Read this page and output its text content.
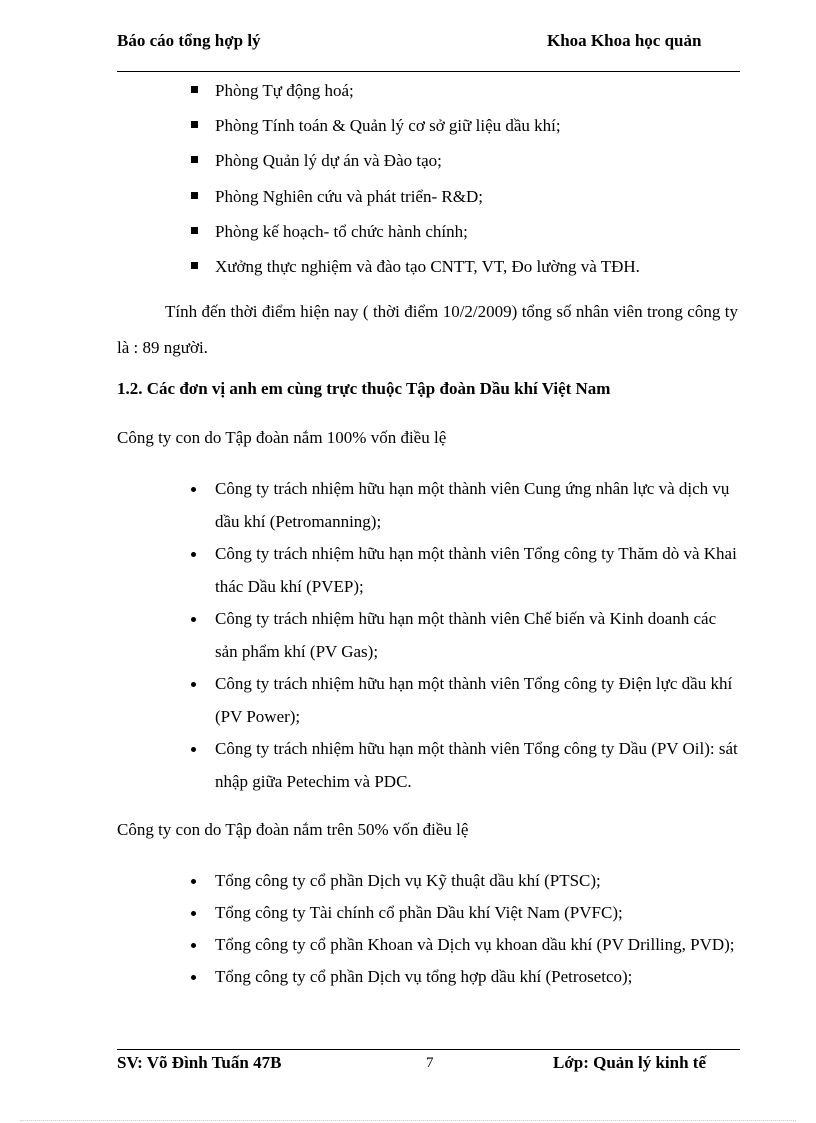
Báo cáo tổng hợp lý	Khoa Khoa học quản
Phòng Tự động hoá;
Phòng Tính toán & Quản lý cơ sở giữ liệu dầu khí;
Phòng Quản lý dự án và Đào tạo;
Phòng Nghiên cứu và phát triển- R&D;
Phòng kế hoạch- tổ chức hành chính;
Xưởng thực nghiệm và đào tạo CNTT, VT, Đo lường và TĐH.

Tính đến thời điểm hiện nay ( thời điểm 10/2/2009) tổng số nhân viên trong công ty là : 89 người.

1.2. Các đơn vị anh em cùng trực thuộc Tập đoàn Dầu khí Việt Nam

Công ty con do Tập đoàn nắm 100% vốn điều lệ

Công ty trách nhiệm hữu hạn một thành viên Cung ứng nhân lực và dịch vụ dầu khí (Petromanning);
Công ty trách nhiệm hữu hạn một thành viên Tổng công ty Thăm dò và Khai thác Dầu khí (PVEP);
Công ty trách nhiệm hữu hạn một thành viên Chế biến và Kinh doanh các sản phẩm khí (PV Gas);
Công ty trách nhiệm hữu hạn một thành viên Tổng công ty Điện lực dầu khí (PV Power);
Công ty trách nhiệm hữu hạn một thành viên Tổng công ty Dầu (PV Oil): sát nhập giữa Petechim và PDC.

Công ty con do Tập đoàn nắm trên 50% vốn điều lệ

Tổng công ty cổ phần Dịch vụ Kỹ thuật dầu khí (PTSC);
Tổng công ty Tài chính cổ phần Dầu khí Việt Nam (PVFC);
Tổng công ty cổ phần Khoan và Dịch vụ khoan dầu khí (PV Drilling, PVD);
Tổng công ty cổ phần Dịch vụ tổng hợp dầu khí (Petrosetco);
SV: Võ Đình Tuấn 47B	7	Lớp: Quản lý kinh tế
